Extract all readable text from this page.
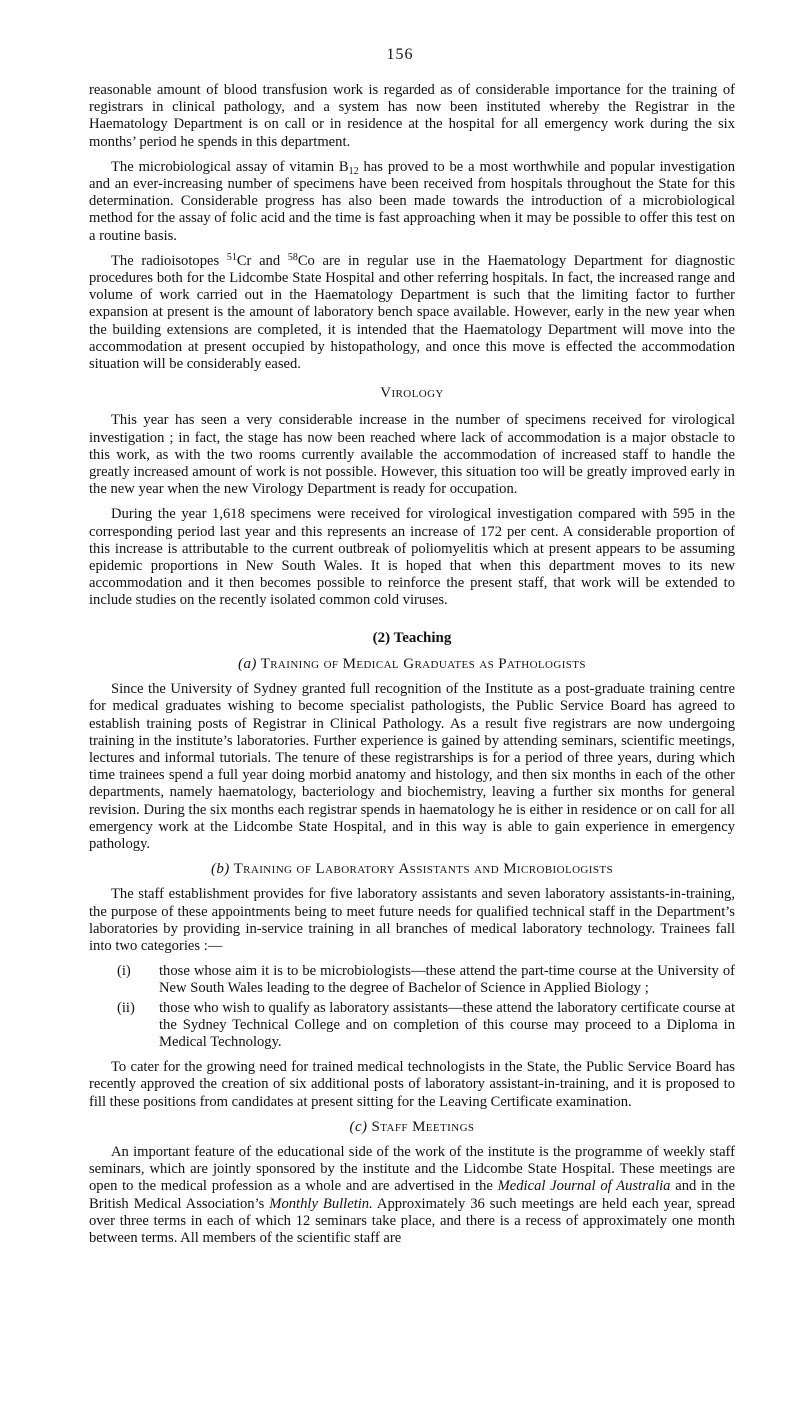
156

reasonable amount of blood transfusion work is regarded as of considerable importance for the training of registrars in clinical pathology, and a system has now been instituted whereby the Registrar in the Haematology Department is on call or in residence at the hospital for all emergency work during the six months’ period he spends in this department.

The microbiological assay of vitamin $B_{12}$ has proved to be a most worthwhile and popular investigation and an ever-increasing number of specimens have been received from hospitals throughout the State for this determination. Considerable progress has also been made towards the introduction of a microbiological method for the assay of folic acid and the time is fast approaching when it may be possible to offer this test on a routine basis.

The radioisotopes $^{51}$Cr and $^{58}$Co are in regular use in the Haematology Department for diagnostic procedures both for the Lidcombe State Hospital and other referring hospitals. In fact, the increased range and volume of work carried out in the Haematology Department is such that the limiting factor to further expansion at present is the amount of laboratory bench space available. However, early in the new year when the building extensions are completed, it is intended that the Haematology Department will move into the accommodation at present occupied by histopathology, and once this move is effected the accommodation situation will be considerably eased.

Virology

This year has seen a very considerable increase in the number of specimens received for virological investigation ; in fact, the stage has now been reached where lack of accommodation is a major obstacle to this work, as with the two rooms currently available the accommodation of increased staff to handle the greatly increased amount of work is not possible. However, this situation too will be greatly improved early in the new year when the new Virology Department is ready for occupation.

During the year 1,618 specimens were received for virological investigation compared with 595 in the corresponding period last year and this represents an increase of 172 per cent. A considerable proportion of this increase is attributable to the current outbreak of poliomyelitis which at present appears to be assuming epidemic proportions in New South Wales. It is hoped that when this department moves to its new accommodation and it then becomes possible to reinforce the present staff, that work will be extended to include studies on the recently isolated common cold viruses.

(2) Teaching
(a) Training of Medical Graduates as Pathologists

Since the University of Sydney granted full recognition of the Institute as a post-graduate training centre for medical graduates wishing to become specialist pathologists, the Public Service Board has agreed to establish training posts of Registrar in Clinical Pathology. As a result five registrars are now undergoing training in the institute’s laboratories. Further experience is gained by attending seminars, scientific meetings, lectures and informal tutorials. The tenure of these registrarships is for a period of three years, during which time trainees spend a full year doing morbid anatomy and histology, and then six months in each of the other departments, namely haematology, bacteriology and biochemistry, leaving a further six months for general revision. During the six months each registrar spends in haematology he is either in residence or on call for all emergency work at the Lidcombe State Hospital, and in this way is able to gain experience in emergency pathology.

(b) Training of Laboratory Assistants and Microbiologists

The staff establishment provides for five laboratory assistants and seven laboratory assistants-in-training, the purpose of these appointments being to meet future needs for qualified technical staff in the Department’s laboratories by providing in-service training in all branches of medical laboratory technology. Trainees fall into two categories :—

(i) those whose aim it is to be microbiologists—these attend the part-time course at the University of New South Wales leading to the degree of Bachelor of Science in Applied Biology ;
(ii) those who wish to qualify as laboratory assistants—these attend the laboratory certificate course at the Sydney Technical College and on completion of this course may proceed to a Diploma in Medical Technology.

To cater for the growing need for trained medical technologists in the State, the Public Service Board has recently approved the creation of six additional posts of laboratory assistant-in-training, and it is proposed to fill these positions from candidates at present sitting for the Leaving Certificate examination.

(c) Staff Meetings

An important feature of the educational side of the work of the institute is the programme of weekly staff seminars, which are jointly sponsored by the institute and the Lidcombe State Hospital. These meetings are open to the medical profession as a whole and are advertised in the Medical Journal of Australia and in the British Medical Association’s Monthly Bulletin. Approximately 36 such meetings are held each year, spread over three terms in each of which 12 seminars take place, and there is a recess of approximately one month between terms. All members of the scientific staff are
